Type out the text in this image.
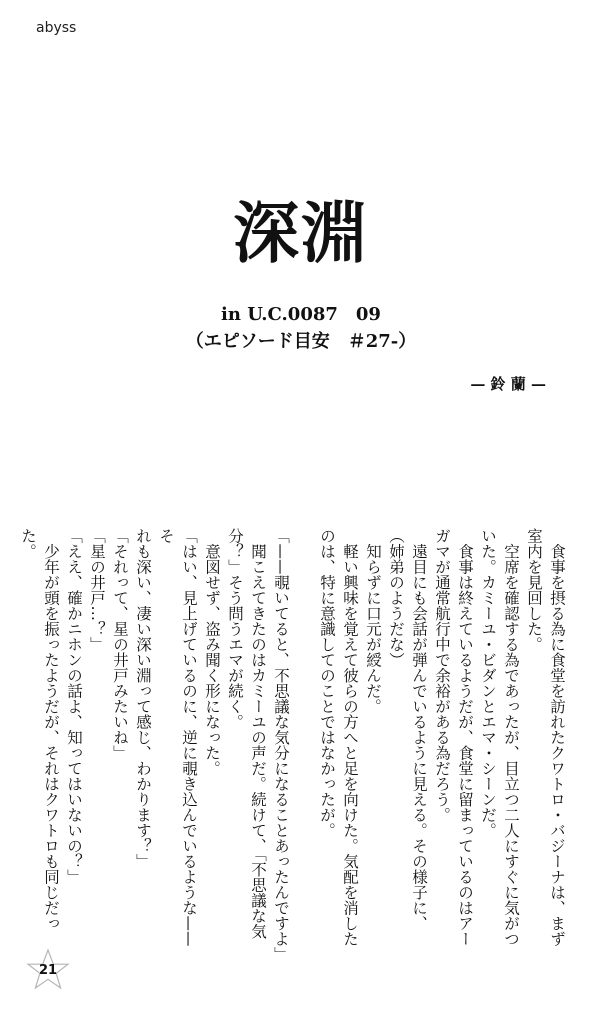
abyss
深淵
in U.C.0087　09
（エピソード目安　＃27-）
— 鈴 蘭 —

　食事を摂る為に食堂を訪れたクワトロ・バジーナは、まず

室内を見回した。

　空席を確認する為であったが、目立つ二人にすぐに気がつ

いた。カミーユ・ビダンとエマ・シーンだ。

　食事は終えているようだが、食堂に留まっているのはアー

ガマが通常航行中で余裕がある為だろう。

　遠目にも会話が弾んでいるように見える。その様子に、

（姉弟のようだな）

　知らずに口元が綬んだ。

　軽い興味を覚えて彼らの方へと足を向けた。気配を消した

のは、特に意識してのことではなかったが。

「——覗いてると、不思議な気分になることあったんですよ」

　聞こえてきたのはカミーユの声だ。続けて、「不思議な気

分？」そう問うエマが続く。

　意図せず、盗み聞く形になった。

「はい、見上げているのに、逆に覗き込んでいるような——そ

れも深い、凄い深い淵って感じ、わかります？」

「それって、星の井戸みたいね」

「星の井戸…？」

「ええ、確かニホンの話よ、知ってはいないの？」

　少年が頭を振ったようだが、それはクワトロも同じだった。

21
